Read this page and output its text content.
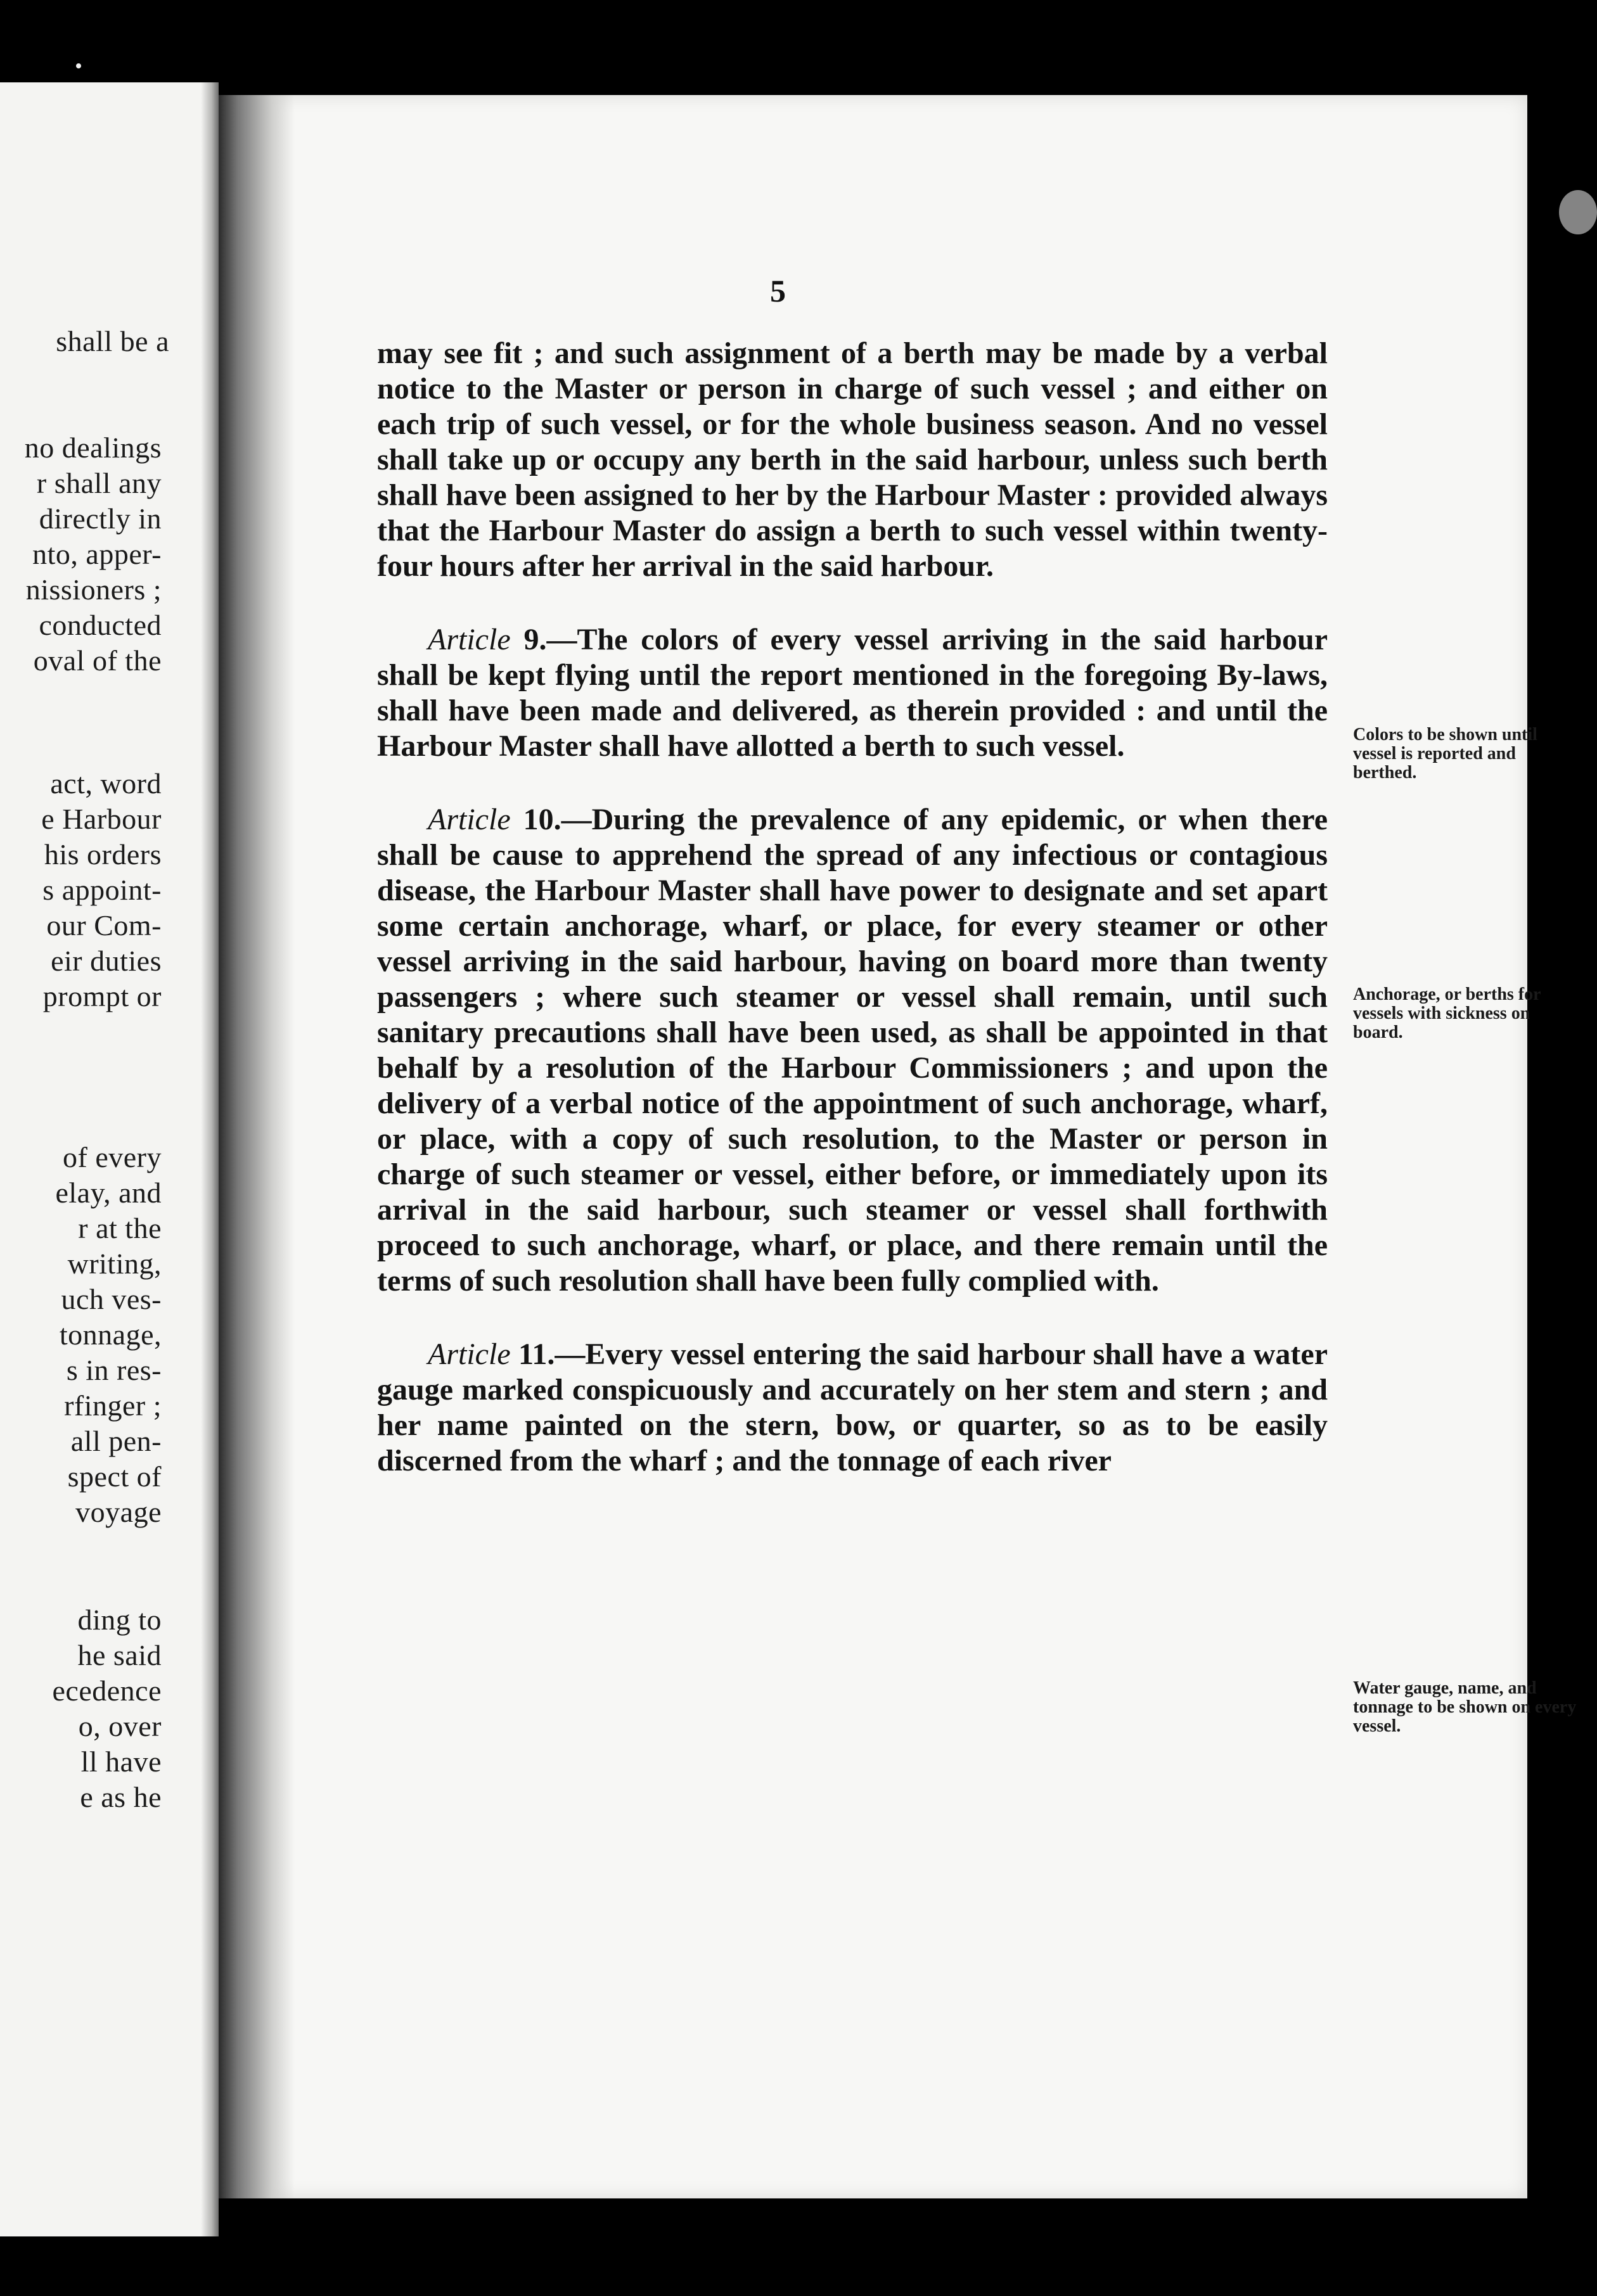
shall be a
no dealings
r shall any
directly in
nto, apper-
nissioners ;
conducted
oval of the
act, word
e Harbour
his orders
s appoint-
our Com-
eir duties
prompt or
of every
elay, and
r at the
writing,
uch ves-
tonnage,
s in res-
rfinger ;
all pen-
spect of
voyage
ding to
he said
ecedence
o, over
ll have
e as he
5

may see fit ; and such assignment of a berth may be made by a verbal notice to the Master or person in charge of such vessel ; and either on each trip of such vessel, or for the whole business season. And no vessel shall take up or occupy any berth in the said harbour, unless such berth shall have been assigned to her by the Harbour Master : provided always that the Harbour Master do assign a berth to such vessel within twenty-four hours after her arrival in the said harbour.

Article 9.—The colors of every vessel arriving in the said harbour shall be kept flying until the report mentioned in the foregoing By-laws, shall have been made and delivered, as therein provided : and until the Harbour Master shall have allotted a berth to such vessel.

Article 10.—During the prevalence of any epidemic, or when there shall be cause to apprehend the spread of any infectious or contagious disease, the Harbour Master shall have power to designate and set apart some certain anchorage, wharf, or place, for every steamer or other vessel arriving in the said harbour, having on board more than twenty passengers ; where such steamer or vessel shall remain, until such sanitary precautions shall have been used, as shall be appointed in that behalf by a resolution of the Harbour Commissioners ; and upon the delivery of a verbal notice of the appointment of such anchorage, wharf, or place, with a copy of such resolution, to the Master or person in charge of such steamer or vessel, either before, or immediately upon its arrival in the said harbour, such steamer or vessel shall forthwith proceed to such anchorage, wharf, or place, and there remain until the terms of such resolution shall have been fully complied with.

Article 11.—Every vessel entering the said harbour shall have a water gauge marked conspicuously and accurately on her stem and stern ; and her name painted on the stern, bow, or quarter, so as to be easily discerned from the wharf ; and the tonnage of each river

Colors to be shown until vessel is reported and berthed.
Anchorage, or berths for vessels with sickness on board.
Water gauge, name, and tonnage to be shown on every vessel.
